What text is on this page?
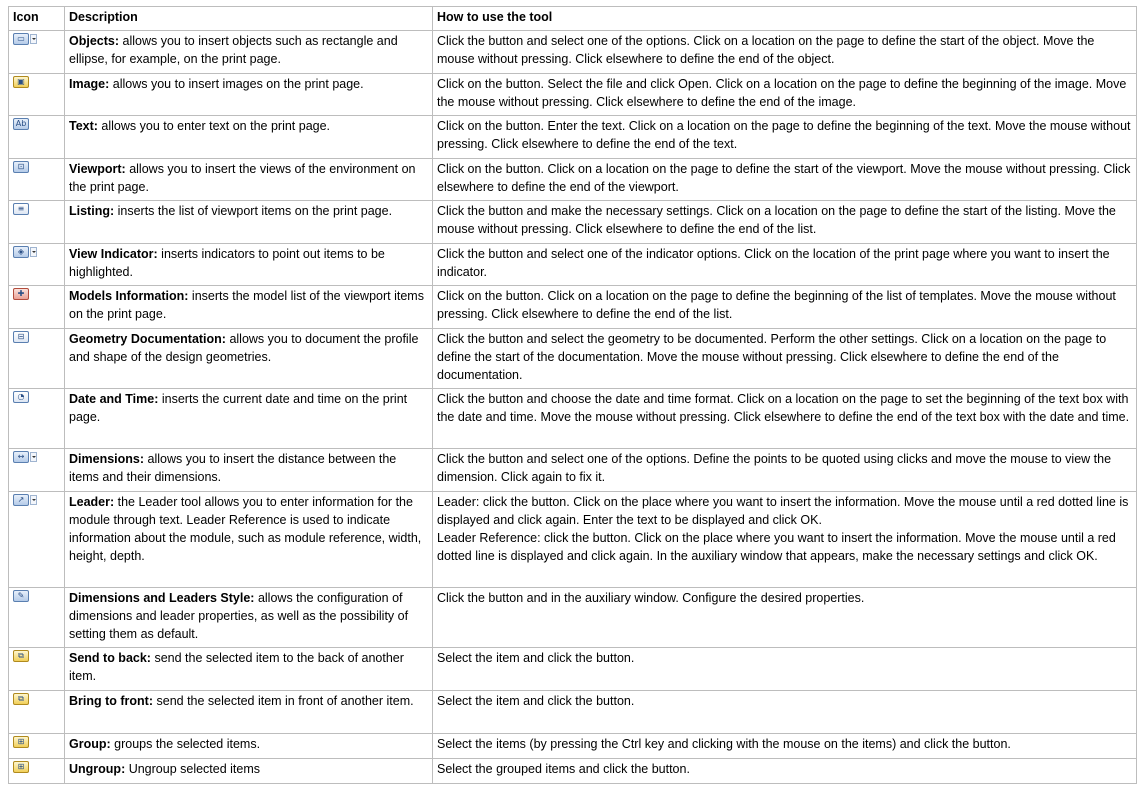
Icon	Description	How to use the tool

▭	Objects: allows you to insert objects such as rectangle and ellipse, for example, on the print page.	Click the button and select one of the options. Click on a location on the page to define the start of the object. Move the mouse without pressing. Click elsewhere to define the end of the object.

▣	Image: allows you to insert images on the print page.	Click on the button. Select the file and click Open. Click on a location on the page to define the beginning of the image. Move the mouse without pressing. Click elsewhere to define the end of the image.

Ab	Text: allows you to enter text on the print page.	Click on the button. Enter the text. Click on a location on the page to define the beginning of the text. Move the mouse without pressing. Click elsewhere to define the end of the text.

⊡	Viewport: allows you to insert the views of the environment on the print page.	Click on the button. Click on a location on the page to define the start of the viewport. Move the mouse without pressing. Click elsewhere to define the end of the viewport.

≡	Listing: inserts the list of viewport items on the print page.	Click the button and make the necessary settings. Click on a location on the page to define the start of the listing. Move the mouse without pressing. Click elsewhere to define the end of the list.

◈	View Indicator: inserts indicators to point out items to be highlighted.	Click the button and select one of the indicator options. Click on the location of the print page where you want to insert the indicator.

✚	Models Information: inserts the model list of the viewport items on the print page.	Click on the button. Click on a location on the page to define the beginning of the list of templates. Move the mouse without pressing. Click elsewhere to define the end of the list.

⊟	Geometry Documentation: allows you to document the profile and shape of the design geometries.	Click the button and select the geometry to be documented. Perform the other settings. Click on a location on the page to define the start of the documentation. Move the mouse without pressing. Click elsewhere to define the end of the documentation.

◔	Date and Time: inserts the current date and time on the print page.	Click the button and choose the date and time format. Click on a location on the page to set the beginning of the text box with the date and time. Move the mouse without pressing. Click elsewhere to define the end of the text box with the date and time.

↔	Dimensions: allows you to insert the distance between the items and their dimensions.	Click the button and select one of the options. Define the points to be quoted using clicks and move the mouse to view the dimension. Click again to fix it.

↗	Leader: the Leader tool allows you to enter information for the module through text. Leader Reference is used to indicate information about the module, such as module reference, width, height, depth.	Leader: click the button. Click on the place where you want to insert the information. Move the mouse until a red dotted line is displayed and click again. Enter the text to be displayed and click OK.
Leader Reference: click the button. Click on the place where you want to insert the information. Move the mouse until a red dotted line is displayed and click again. In the auxiliary window that appears, make the necessary settings and click OK.

✎	Dimensions and Leaders Style: allows the configuration of dimensions and leader properties, as well as the possibility of setting them as default.	Click the button and in the auxiliary window. Configure the desired properties.

⧉	Send to back: send the selected item to the back of another item.	Select the item and click the button.

⧉	Bring to front: send the selected item in front of another item.	Select the item and click the button.

⊞	Group: groups the selected items.	Select the items (by pressing the Ctrl key and clicking with the mouse on the items) and click the button.

⊞	Ungroup: Ungroup selected items	Select the grouped items and click the button.
